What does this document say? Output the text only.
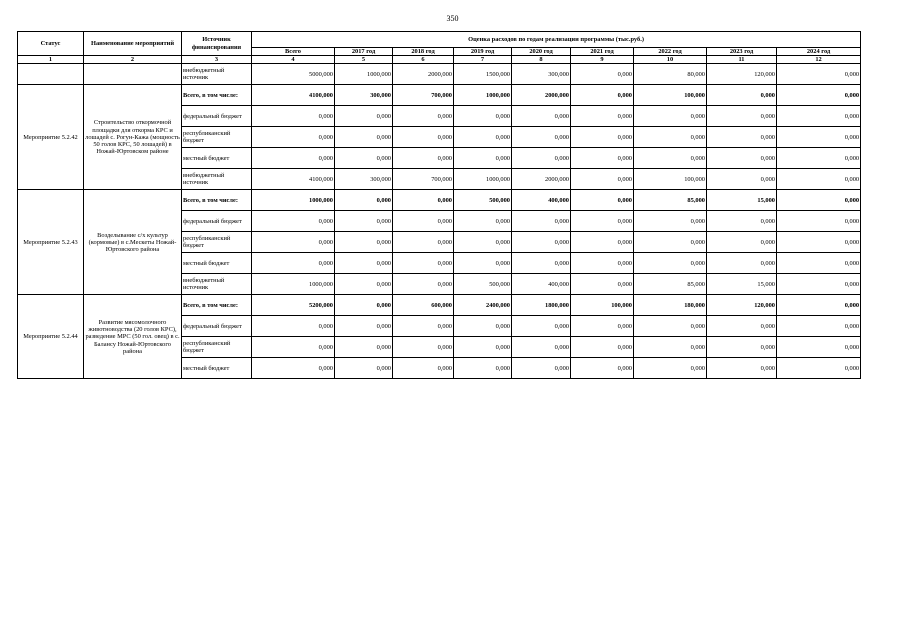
350
Статус	Наименование мероприятий	Источник финансирования	Оценка расходов по годам реализации программы (тыс.руб.)								
			Всего	2017 год	2018 год	2019 год	2020 год	2021 год	2022 год	2023 год	2024 год
1	2	3	4	5	6	7	8	9	10	11	12
		внебюджетный источник	5000,000	1000,000	2000,000	1500,000	300,000	0,000	80,000	120,000	0,000
Мероприятие 5.2.42	Строительство откормочной площадки для откорма КРС и лошадей с. Рогун-Кажа (мощность 50 голов КРС, 50 лошадей) в Ножай-Юртовском районе	Всего, в том числе:	4100,000	300,000	700,000	1000,000	2000,000	0,000	100,000	0,000	0,000
		федеральный бюджет	0,000	0,000	0,000	0,000	0,000	0,000	0,000	0,000	0,000
		республиканский бюджет	0,000	0,000	0,000	0,000	0,000	0,000	0,000	0,000	0,000
		местный бюджет	0,000	0,000	0,000	0,000	0,000	0,000	0,000	0,000	0,000
		внебюджетный источник	4100,000	300,000	700,000	1000,000	2000,000	0,000	100,000	0,000	0,000
Мероприятие 5.2.43	Возделывание с/х культур (кормовые) в с.Мескеты Ножай-Юртовского района	Всего, в том числе:	1000,000	0,000	0,000	500,000	400,000	0,000	85,000	15,000	0,000
		федеральный бюджет	0,000	0,000	0,000	0,000	0,000	0,000	0,000	0,000	0,000
		республиканский бюджет	0,000	0,000	0,000	0,000	0,000	0,000	0,000	0,000	0,000
		местный бюджет	0,000	0,000	0,000	0,000	0,000	0,000	0,000	0,000	0,000
		внебюджетный источник	1000,000	0,000	0,000	500,000	400,000	0,000	85,000	15,000	0,000
Мероприятие 5.2.44	Развитие мясомолочного животноводства (20 голов КРС), разведение МРС (50 гол. овец) в с. Балансу Ножай-Юртовского района	Всего, в том числе:	5200,000	0,000	600,000	2400,000	1800,000	100,000	180,000	120,000	0,000
		федеральный бюджет	0,000	0,000	0,000	0,000	0,000	0,000	0,000	0,000	0,000
		республиканский бюджет	0,000	0,000	0,000	0,000	0,000	0,000	0,000	0,000	0,000
		местный бюджет	0,000	0,000	0,000	0,000	0,000	0,000	0,000	0,000	0,000
